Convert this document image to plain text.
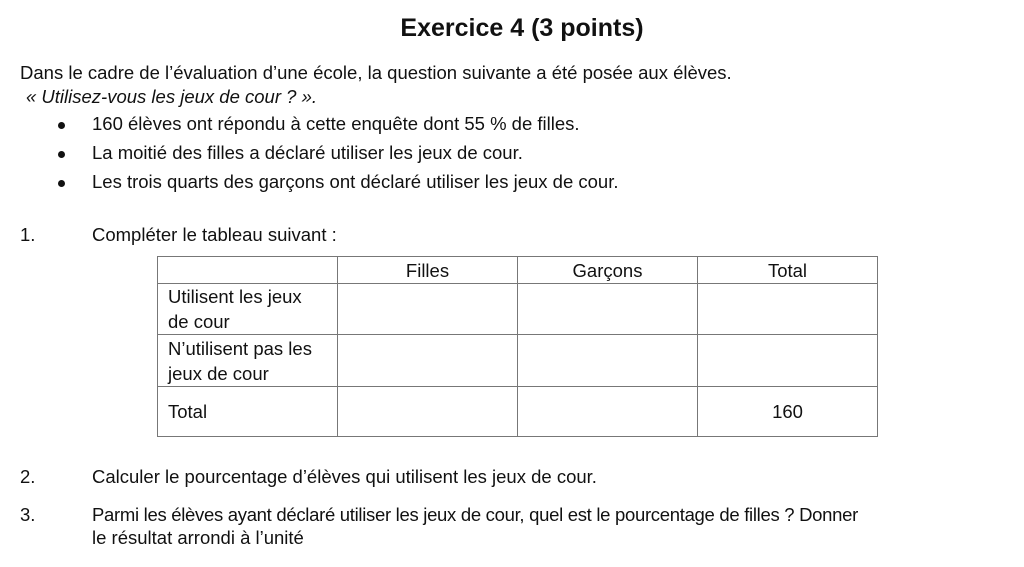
Exercice 4 (3 points)
Dans le cadre de l’évaluation d’une école, la question suivante a été posée aux élèves.
« Utilisez-vous les jeux de cour ? ».
160 élèves ont répondu à cette enquête dont 55 % de filles.
La moitié des filles a déclaré utiliser les jeux de cour.
Les trois quarts des garçons ont déclaré utiliser les jeux de cour.
1.	Compléter le tableau suivant :
	Filles	Garçons	Total
Utilisent les jeux de cour			
N’utilisent pas les jeux de cour			
Total			160
2.	Calculer le pourcentage d’élèves qui utilisent les jeux de cour.
3.	Parmi les élèves ayant déclaré utiliser les jeux de cour, quel est le pourcentage de filles ? Donner
le résultat arrondi à l’unité
